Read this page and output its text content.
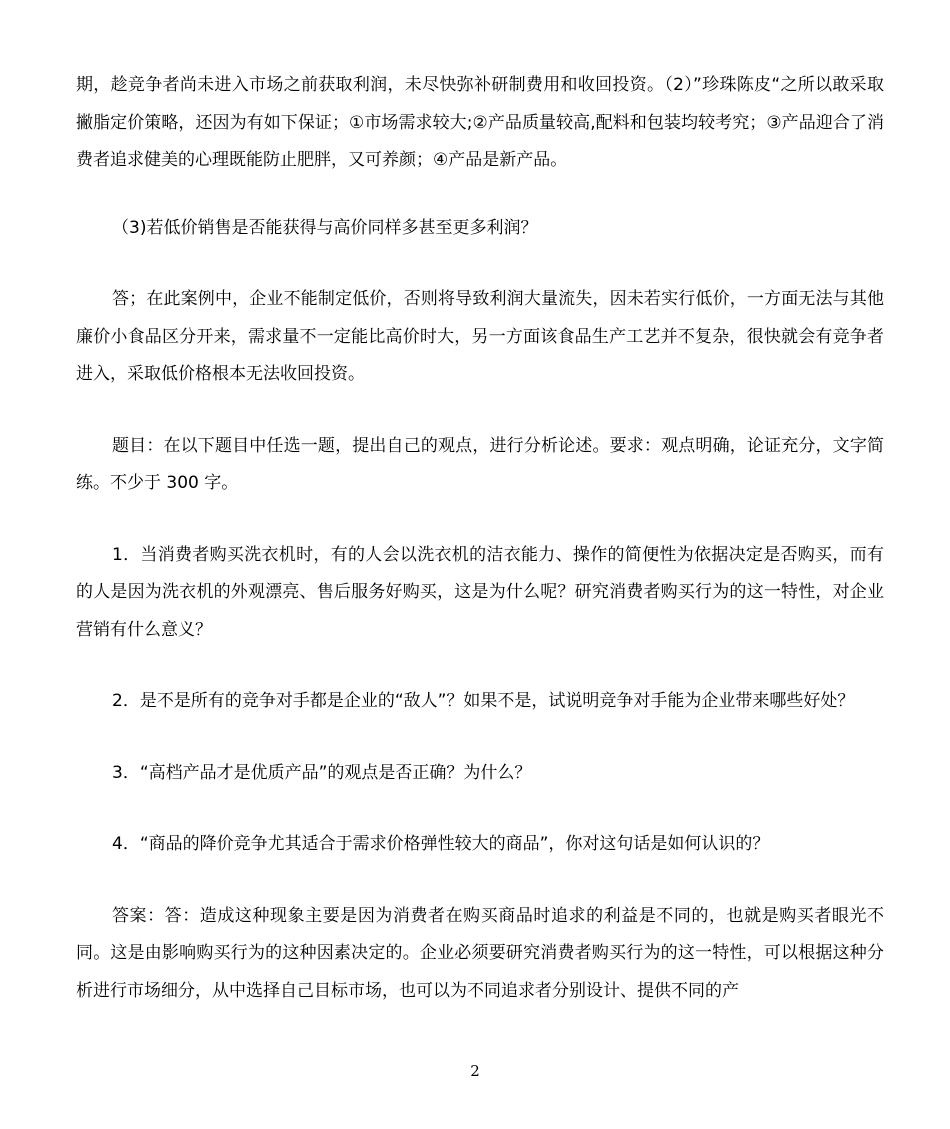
期，趁竞争者尚未进入市场之前获取利润，未尽快弥补研制费用和收回投资。（2）”珍珠陈皮“之所以敢采取撇脂定价策略，还因为有如下保证；①市场需求较大;②产品质量较高,配料和包装均较考究；③产品迎合了消费者追求健美的心理既能防止肥胖，又可养颜；④产品是新产品。

（3)若低价销售是否能获得与高价同样多甚至更多利润？

答；在此案例中，企业不能制定低价，否则将导致利润大量流失，因未若实行低价，一方面无法与其他廉价小食品区分开来，需求量不一定能比高价时大，另一方面该食品生产工艺并不复杂，很快就会有竞争者进入，采取低价格根本无法收回投资。

题目：在以下题目中任选一题，提出自己的观点，进行分析论述。要求：观点明确，论证充分，文字简练。不少于 300 字。

1．当消费者购买洗衣机时，有的人会以洗衣机的洁衣能力、操作的简便性为依据决定是否购买，而有的人是因为洗衣机的外观漂亮、售后服务好购买，这是为什么呢？研究消费者购买行为的这一特性，对企业营销有什么意义？

2．是不是所有的竞争对手都是企业的“敌人”？如果不是，试说明竞争对手能为企业带来哪些好处？

3．“高档产品才是优质产品”的观点是否正确？为什么？

4．“商品的降价竞争尤其适合于需求价格弹性较大的商品”，你对这句话是如何认识的？

答案：答：造成这种现象主要是因为消费者在购买商品时追求的利益是不同的，也就是购买者眼光不同。这是由影响购买行为的这种因素决定的。企业必须要研究消费者购买行为的这一特性，可以根据这种分析进行市场细分，从中选择自己目标市场，也可以为不同追求者分别设计、提供不同的产

2
